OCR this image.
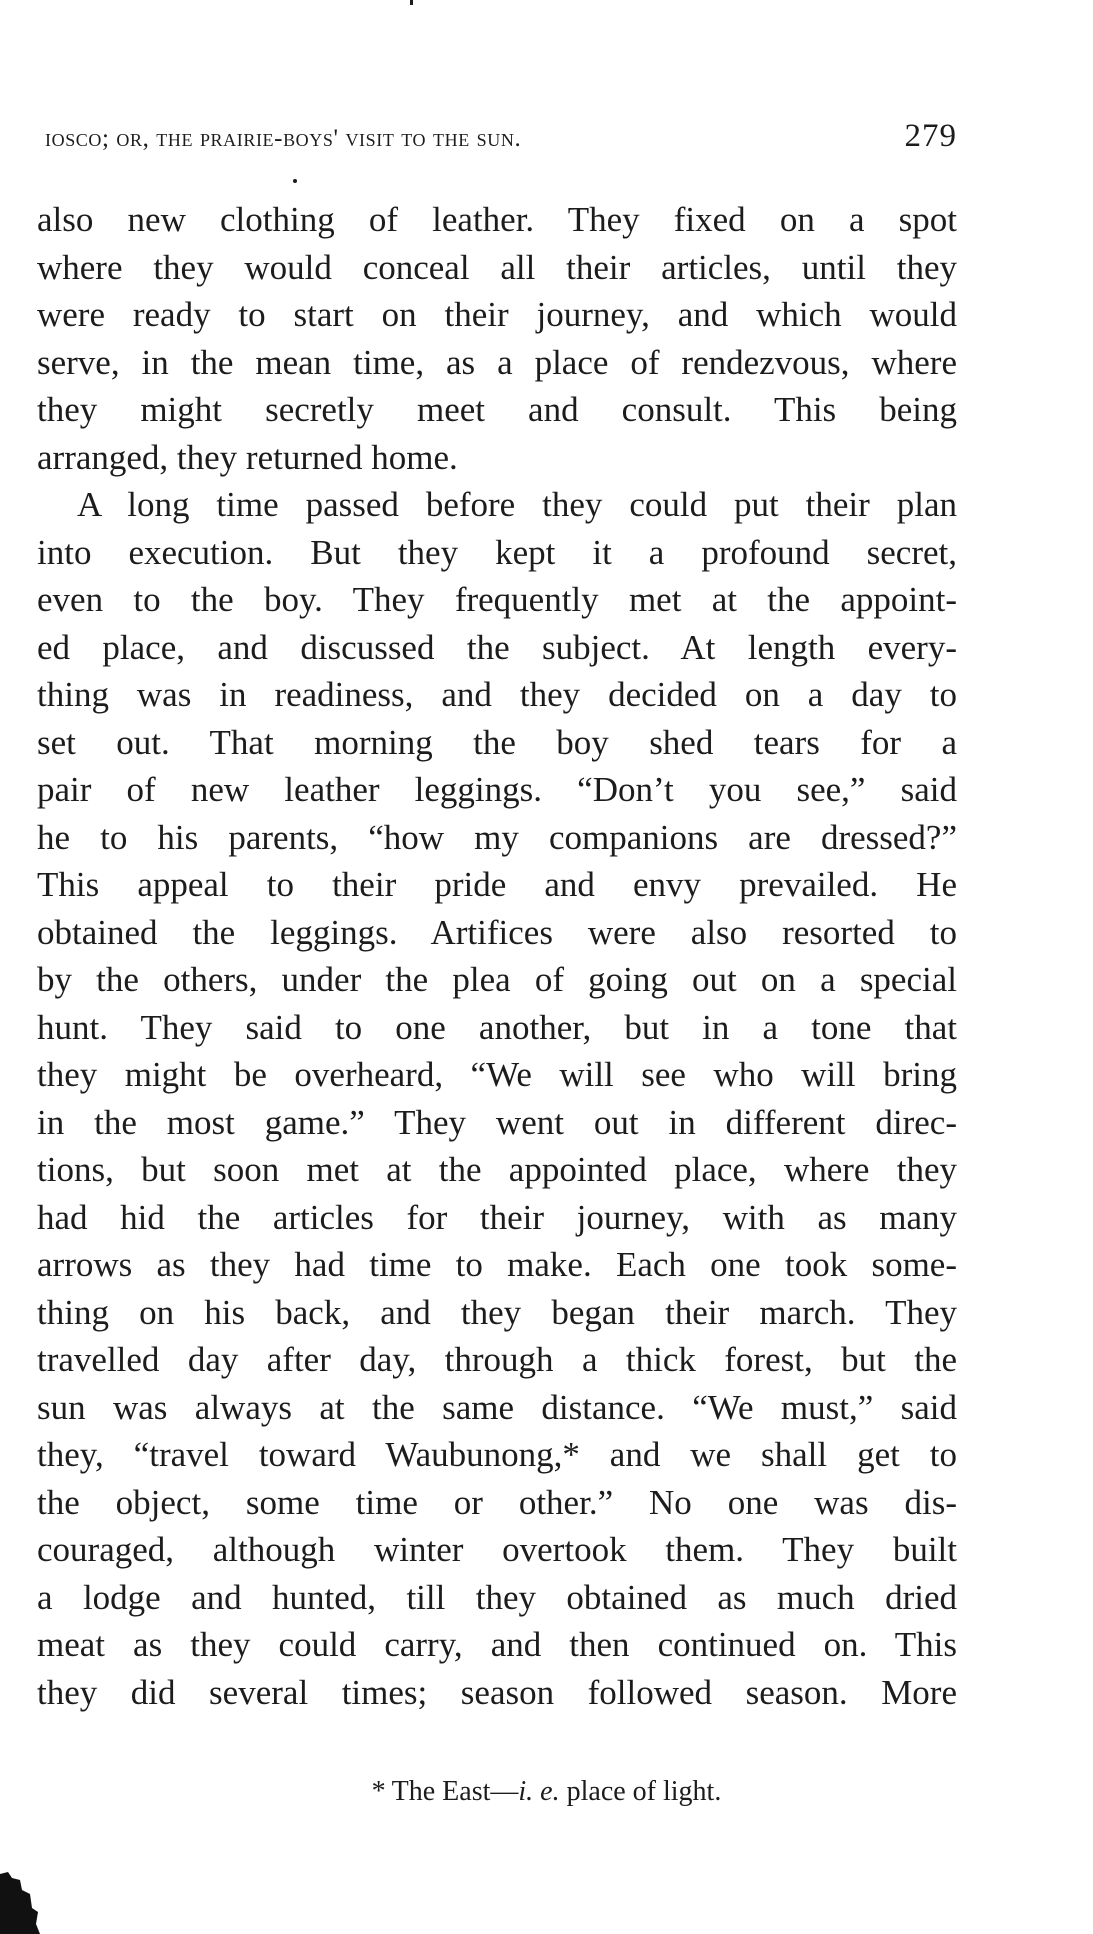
iosco; or, the prairie-boys' visit to the sun.	279
also new clothing of leather. They fixed on a spot
where they would conceal all their articles, until they
were ready to start on their journey, and which would
serve, in the mean time, as a place of rendezvous, where
they might secretly meet and consult. This being
arranged, they returned home.
A long time passed before they could put their plan
into execution. But they kept it a profound secret,
even to the boy. They frequently met at the appoint-
ed place, and discussed the subject. At length every-
thing was in readiness, and they decided on a day to
set out. That morning the boy shed tears for a
pair of new leather leggings. “Don’t you see,” said
he to his parents, “how my companions are dressed?”
This appeal to their pride and envy prevailed. He
obtained the leggings. Artifices were also resorted to
by the others, under the plea of going out on a special
hunt. They said to one another, but in a tone that
they might be overheard, “We will see who will bring
in the most game.” They went out in different direc-
tions, but soon met at the appointed place, where they
had hid the articles for their journey, with as many
arrows as they had time to make. Each one took some-
thing on his back, and they began their march. They
travelled day after day, through a thick forest, but the
sun was always at the same distance. “We must,” said
they, “travel toward Waubunong,* and we shall get to
the object, some time or other.” No one was dis-
couraged, although winter overtook them. They built
a lodge and hunted, till they obtained as much dried
meat as they could carry, and then continued on. This
they did several times; season followed season. More
* The East—i. e. place of light.
